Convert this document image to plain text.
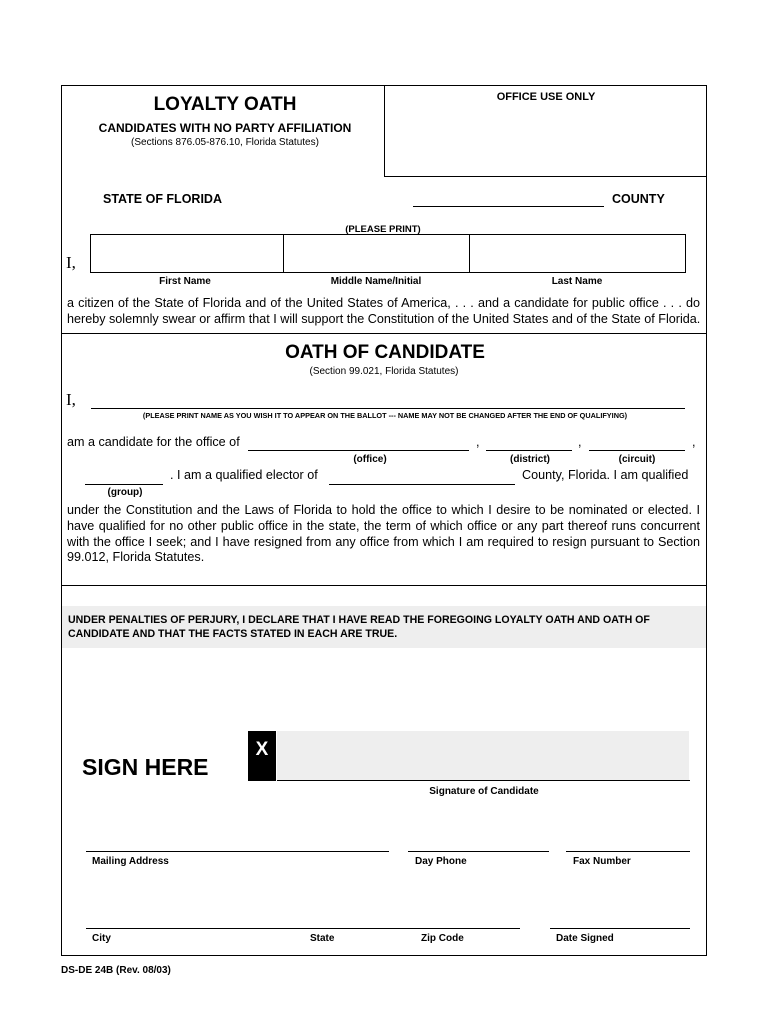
LOYALTY OATH
CANDIDATES WITH NO PARTY AFFILIATION
(Sections 876.05-876.10, Florida Statutes)
OFFICE USE ONLY
STATE OF FLORIDA	COUNTY
(PLEASE PRINT)
I,
First Name	Middle Name/Initial	Last Name
a citizen of the State of Florida and of the United States of America, . . . and a candidate for public office . . . do
hereby solemnly swear or affirm that I will support the Constitution of the United States and of the State of Florida.
OATH OF CANDIDATE
(Section 99.021, Florida Statutes)
I,
(PLEASE PRINT NAME AS YOU WISH IT TO APPEAR ON THE BALLOT --- NAME MAY NOT BE CHANGED AFTER THE END OF QUALIFYING)
am a candidate for the office of	,	,	,
(office)	(district)	(circuit)
. I am a qualified elector of	County, Florida. I am qualified
(group)
under the Constitution and the Laws of Florida to hold the office to which I desire to be nominated or elected. I
have qualified for no other public office in the state, the term of which office or any part thereof runs concurrent
with the office I seek; and I have resigned from any office from which I am required to resign pursuant to Section
99.012, Florida Statutes.
UNDER PENALTIES OF PERJURY, I DECLARE THAT I HAVE READ THE FOREGOING LOYALTY OATH AND OATH OF
CANDIDATE AND THAT THE FACTS STATED IN EACH ARE TRUE.
SIGN HERE
X
Signature of Candidate
Mailing Address	Day Phone	Fax Number
City	State	Zip Code	Date Signed
DS-DE 24B (Rev. 08/03)
